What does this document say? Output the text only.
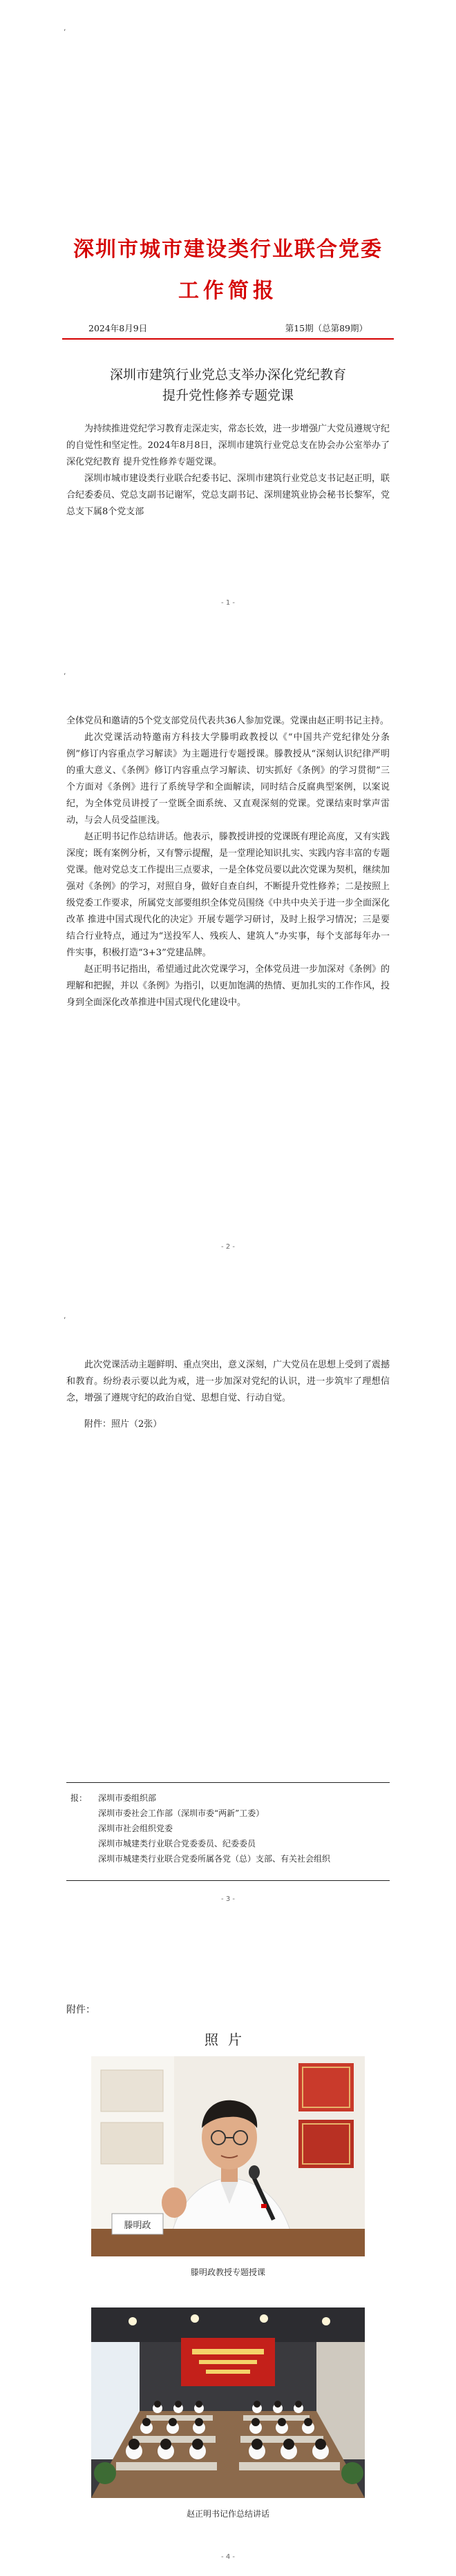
‘
深圳市城市建设类行业联合党委
工作简报
2024年8月9日	第15期（总第89期）
深圳市建筑行业党总支举办深化党纪教育
提升党性修养专题党课

为持续推进党纪学习教育走深走实，常态长效，进一步增强广大党员遵规守纪的自觉性和坚定性。2024年8月8日，深圳市建筑行业党总支在协会办公室举办了深化党纪教育 提升党性修养专题党课。

深圳市城市建设类行业联合纪委书记、深圳市建筑行业党总支书记赵正明，联合纪委委员、党总支副书记谢军，党总支副书记、深圳建筑业协会秘书长黎军，党总支下属8个党支部

- 1 -
‘

全体党员和邀请的5个党支部党员代表共36人参加党课。党课由赵正明书记主持。

此次党课活动特邀南方科技大学滕明政教授以《“中国共产党纪律处分条例”修订内容重点学习解读》为主题进行专题授课。滕教授从“深刻认识纪律严明的重大意义、《条例》修订内容重点学习解读、切实抓好《条例》的学习贯彻”三个方面对《条例》进行了系统导学和全面解读，同时结合反腐典型案例，以案说纪，为全体党员讲授了一堂既全面系统、又直观深刻的党课。党课结束时掌声雷动，与会人员受益匪浅。

赵正明书记作总结讲话。他表示，滕教授讲授的党课既有理论高度，又有实践深度；既有案例分析，又有警示提醒，是一堂理论知识扎实、实践内容丰富的专题党课。他对党总支工作提出三点要求，一是全体党员要以此次党课为契机，继续加强对《条例》的学习，对照自身，做好自查自纠，不断提升党性修养；二是按照上级党委工作要求，所属党支部要组织全体党员围绕《中共中央关于进一步全面深化改革 推进中国式现代化的决定》开展专题学习研讨，及时上报学习情况；三是要结合行业特点，通过为“送投军人、残疾人、建筑人”办实事，每个支部每年办一件实事，积极打造“3+3”党建品牌。

赵正明书记指出，希望通过此次党课学习，全体党员进一步加深对《条例》的理解和把握，并以《条例》为指引，以更加饱满的热情、更加扎实的工作作风，投身到全面深化改革推进中国式现代化建设中。

- 2 -
‘

此次党课活动主题鲜明、重点突出，意义深刻，广大党员在思想上受到了震撼和教育。纷纷表示要以此为戒，进一步加深对党纪的认识，进一步筑牢了理想信念，增强了遵规守纪的政治自觉、思想自觉、行动自觉。

附件：照片（2张）

报： 深圳市委组织部
深圳市委社会工作部（深圳市委“两新”工委）
深圳市社会组织党委
深圳市城建类行业联合党委委员、纪委委员
深圳市城建类行业联合党委所属各党（总）支部、有关社会组织
- 3 -
附件：
照片
滕明政
滕明政教授专题授课
赵正明书记作总结讲话
- 4 -
